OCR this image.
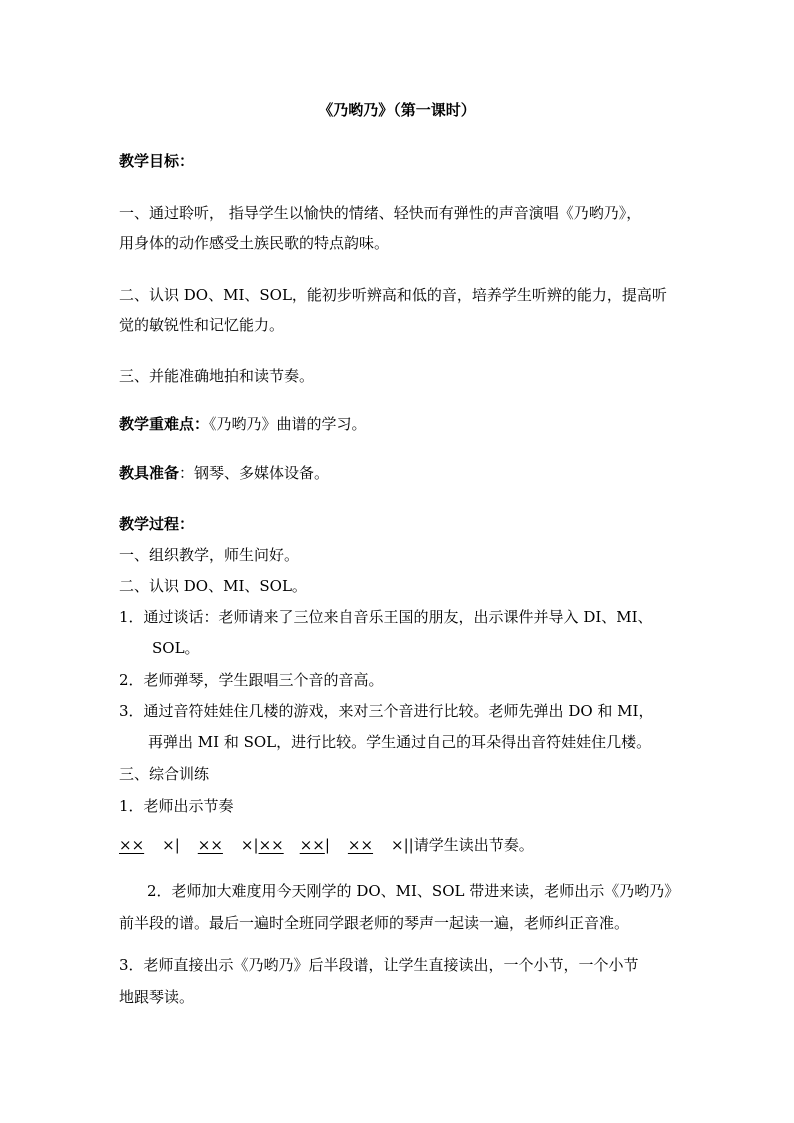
《乃哟乃》（第一课时）
教学目标：
一、通过聆听， 指导学生以愉快的情绪、轻快而有弹性的声音演唱《乃哟乃》，
用身体的动作感受土族民歌的特点韵味。
二、认识 DO、MI、SOL，能初步听辨高和低的音，培养学生听辨的能力，提高听
觉的敏锐性和记忆能力。
三、并能准确地拍和读节奏。
教学重难点：《乃哟乃》曲谱的学习。
教具准备：钢琴、多媒体设备。
教学过程：
一、组织教学，师生问好。
二、认识 DO、MI、SOL。
1．通过谈话：老师请来了三位来自音乐王国的朋友，出示课件并导入 DI、MI、
SOL。
2．老师弹琴，学生跟唱三个音的音高。
3．通过音符娃娃住几楼的游戏，来对三个音进行比较。老师先弹出 DO 和 MI，
再弹出 MI 和 SOL，进行比较。学生通过自己的耳朵得出音符娃娃住几楼。
三、综合训练
1．老师出示节奏
×× ×| ×× ×|×× ××| ×× ×||请学生读出节奏。
2．老师加大难度用今天刚学的 DO、MI、SOL 带进来读，老师出示《乃哟乃》
前半段的谱。最后一遍时全班同学跟老师的琴声一起读一遍，老师纠正音准。
3．老师直接出示《乃哟乃》后半段谱，让学生直接读出，一个小节，一个小节
地跟琴读。
